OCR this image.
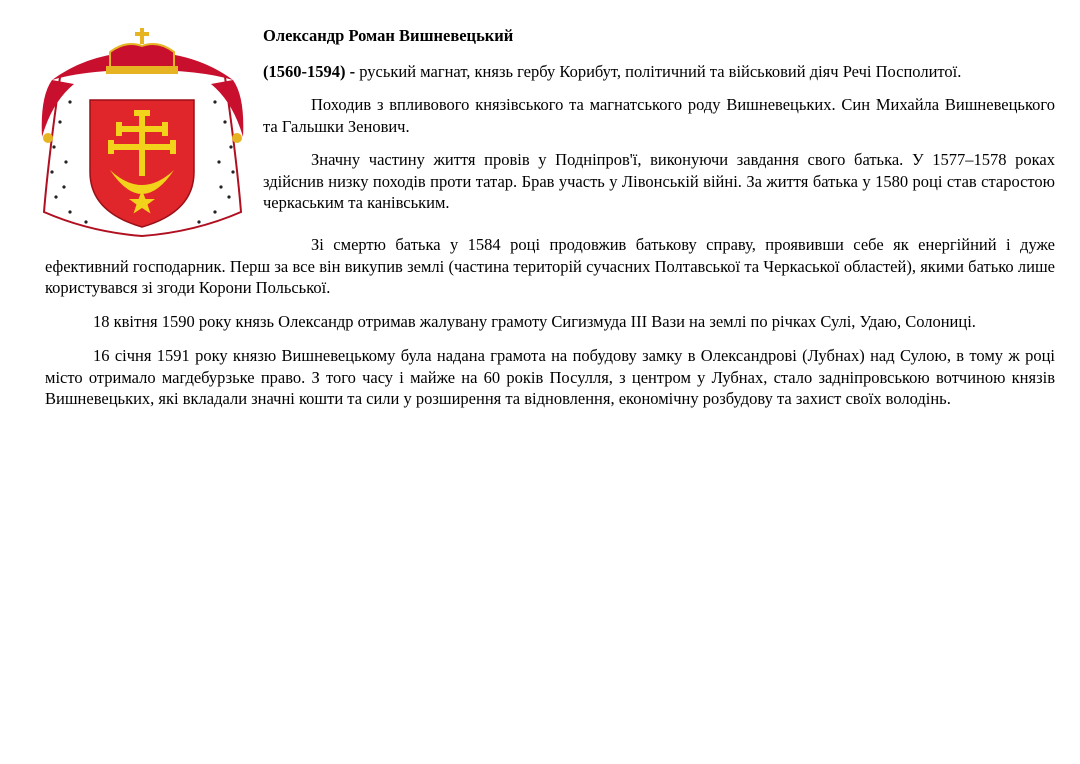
Олександр Роман Вишневецький

(1560-1594) - руський магнат, князь гербу Корибут, політичний та військовий діяч Речі Посполитої.

Походив з впливового князівського та магнатського роду Вишневецьких. Син Михайла Вишневецького та Гальшки Зенович.

Значну частину життя провів у Подніпров'ї, виконуючи завдання свого батька. У 1577–1578 роках здійснив низку походів проти татар. Брав участь у Лівонській війні. За життя батька у 1580 році став старостою черкаським та канівським.

Зі смертю батька у 1584 році продовжив батькову справу, проявивши себе як енергійний і дуже ефективний господарник. Перш за все він викупив землі (частина територій сучасних Полтавської та Черкаської областей), якими батько лише користувався зі згоди Корони Польської.

18 квітня 1590 року князь Олександр отримав жалувану грамоту Сигизмуда ІІІ Вази на землі по річках Сулі, Удаю, Солониці.

16 січня 1591 року князю Вишневецькому була надана грамота на побудову замку в Олександрові (Лубнах) над Сулою, в тому ж році місто отримало магдебурзьке право. З того часу і майже на 60 років Посулля, з центром у Лубнах, стало задніпровською вотчиною князів Вишневецьких, які вкладали значні кошти та сили у розширення та відновлення, економічну розбудову та захист своїх володінь.
